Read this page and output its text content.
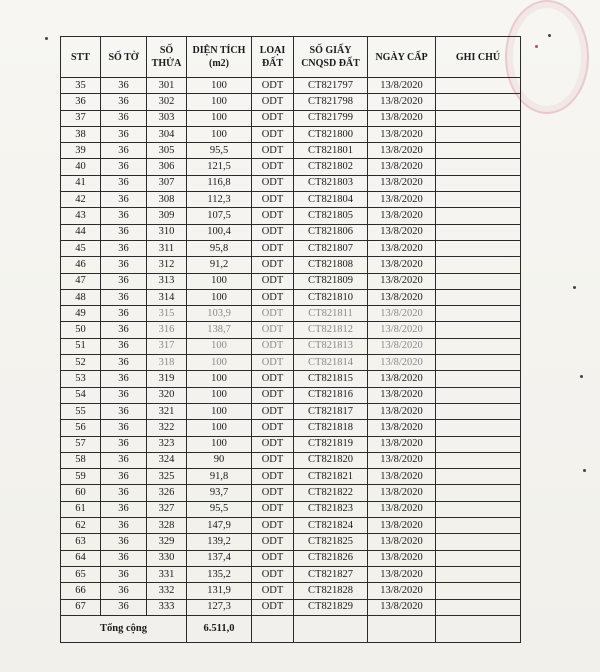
STT	SỐ TỜ	SỐ THỬA	DIỆN TÍCH (m2)	LOẠI ĐẤT	SỐ GIẤY CNQSD ĐẤT	NGÀY CẤP	GHI CHÚ
35	36	301	100	ODT	CT821797	13/8/2020	
36	36	302	100	ODT	CT821798	13/8/2020	
37	36	303	100	ODT	CT821799	13/8/2020	
38	36	304	100	ODT	CT821800	13/8/2020	
39	36	305	95,5	ODT	CT821801	13/8/2020	
40	36	306	121,5	ODT	CT821802	13/8/2020	
41	36	307	116,8	ODT	CT821803	13/8/2020	
42	36	308	112,3	ODT	CT821804	13/8/2020	
43	36	309	107,5	ODT	CT821805	13/8/2020	
44	36	310	100,4	ODT	CT821806	13/8/2020	
45	36	311	95,8	ODT	CT821807	13/8/2020	
46	36	312	91,2	ODT	CT821808	13/8/2020	
47	36	313	100	ODT	CT821809	13/8/2020	
48	36	314	100	ODT	CT821810	13/8/2020	
49	36	315	103,9	ODT	CT821811	13/8/2020	
50	36	316	138,7	ODT	CT821812	13/8/2020	
51	36	317	100	ODT	CT821813	13/8/2020	
52	36	318	100	ODT	CT821814	13/8/2020	
53	36	319	100	ODT	CT821815	13/8/2020	
54	36	320	100	ODT	CT821816	13/8/2020	
55	36	321	100	ODT	CT821817	13/8/2020	
56	36	322	100	ODT	CT821818	13/8/2020	
57	36	323	100	ODT	CT821819	13/8/2020	
58	36	324	90	ODT	CT821820	13/8/2020	
59	36	325	91,8	ODT	CT821821	13/8/2020	
60	36	326	93,7	ODT	CT821822	13/8/2020	
61	36	327	95,5	ODT	CT821823	13/8/2020	
62	36	328	147,9	ODT	CT821824	13/8/2020	
63	36	329	139,2	ODT	CT821825	13/8/2020	
64	36	330	137,4	ODT	CT821826	13/8/2020	
65	36	331	135,2	ODT	CT821827	13/8/2020	
66	36	332	131,9	ODT	CT821828	13/8/2020	
67	36	333	127,3	ODT	CT821829	13/8/2020	
Tổng cộng			6.511,0				
